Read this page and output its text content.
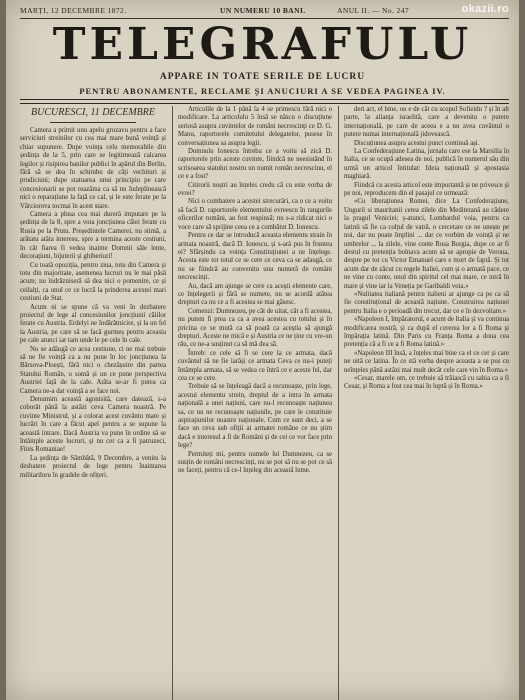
okazii.ro
MARȚI, 12 DECEMBRE 1872.	UN NUMERU 10 BANI.	ANUL II. — No. 247
TELEGRAFULU
APPARE IN TOATE SERILE DE LUCRU
PENTRU ABONAMENTE, RECLAME ȘI ANUCIURI A SE VEDEA PAGINEA IV.

BUCURESCI, 11 DECEMBRE

Camera a primit unu apelu grozavu pentru a face serviciuri streinilor cu cea mai mare bună voință și chiar supunere. Dupe voința celu memorabile din ședința de la 5, prin care se legitimează calcarea legilor și risipirea banilor publici în apărul din Berlin, fără să se dea în schimbu de câți vechituri și prudiciuni; dupe statuarea unui principiu pe care concesionarii se pot reazăma ca să nu îndeplinească nici o reparațiune la față ce cal, și le este ferate pe la Vărciorova tocmai în acest stare.

Camera a plusa cea mai dureră imputare pe la ședința de la 8, spre a vota joncțiunea căiei ferate cu Rusia pe la Prutu. Președintele Camerei, nu stimă, a arătatu atâta interesu, spre a termina aceste cestiuni, în cât fiarea fi vedea inainte Domnii săle lente, decorațiuni, bijuterii și ghiberiuri!

Cu toată opoziția, pentru ziua, totu din Camera și totu din majoritate, asemenea lucruri nu le mai păsă acum; nu îndrăzniseră să dea nici o pomenire, ce și ceilalți, ca unul ce ce lucră la prinderea acestei mari cestiuni de Stat.

Acum ni se spune că va veni în dezbatere proiectul de lege al concesiunilor joncțiunii căiilor ferate cu Austria. Erdelyi ne îndărătnicire, și la un fel la Austria, pe care să se facă gurmeș pentru aceasta pe cale atunci iar tam unde le pe cele în cale.

Nu se adăugă ce acea cestiune, ci ne mai trebuie să ne fie voință ca a nu pune în loc joncțiunea la Bărsova-Ploești, fără nici o chezășuire din partea Statului Român, o somă și un ce pune perspectiva Austriei față de la cale. Atâta se-ar fi putea ca Camera ne-a dat voință a se face noi.

Denumim această agonisită, care datează, s-a coborât până la astăzi ceva Camera noastră. Pe cuvinte Ministrul, și a colorat acest cuvântu mare și lucrări în care a făcut apel pentru a se supune la această intrare. Dacă Austria va pune în ordine să se întâmple aceste lucruri, și nu cer ca a fi patruzeci, Finis Romaniae!

La ședința de Sâmbătă, 9 Decembre, a venitu la desbatere proiectul de lege pentru înaintarea militariloru în gradele de ofițeri.

Articolile de la 1 până la 4 se primescu fără nici o modificare. La articolulu 5 însă se născu o discuțiune seriosă asupra cuvintelor de români necrescinți ce D. G. Manu, raportorele comitetului delegatelor, pusese în conversațiunea sa asupra legii.

Domnulu Ionescu întreba ce a voitu să zică D. raportorele prin aceste cuvinte, fiindcă ne neesistând în scrisoarea statului nostru un numit român necrescinu, el ce e a fost?

Citirorii noștri au înțeles credu că cu este vorba de evrei?

Nici o combatere a acestei strecurări, ca o ce a voitu să facă D. raportorele elementului evreescu în rangurile oficerilor români, au fost respinsă; nu s-a ridicat nici o voce care să sprijine ceea ce a combătut D. Ionescu.

Pentru ce dar se introducă aceasta elementu strain în armata noastră, dacă D. Ionescu, și s-ară pus în fruntea ei? Sfârșindu ca voința Constituțiunei a ne înțelege. Acesta este tot totul ce se cere ce ceva ca se adaugă, ce nu se fiindcă au convenitu unu numeră de români necrescinți.

Au, dacă am ajunge se cere ca acești elemente care, ce înțelegerii și fără se numete, nu se acordă atâtea drepturi ca nu ce a fi acestea se mai găsesc.

Comenzi: Dumnezeu, pe cât de uitat, cât a fi acestea, nu putem fi prea ca ca a avea acestea cu totului și în pricina ce se mută ca să poată ca aceștia să ajungă drepturi. Aceste ne mică e și Austria ce ne ține cu vre-un rău, ce ne-a susținut ca să mă dea să.

Întreb: ce cele să fi se cere la ce armata, dacă cuvântul să ne fie iarăși ce armata Ceva ce nu-i puteți întâmpla armata, să se vedea ce întră ce e aceste fel, dar cea ce se cere.

Trebuie să se înțeleagă dacă a recunoaște, prin lege, acestui elementu strein, dreptul de a intra în armata națională a unei națiuni, care nu-l recunoaște națiunea sa, ce nu ne recunoaște națiunile, pe care le constituie aspirațiunilor noastre naționale. Cum ce sunt deci, a se face un ceva sub ofiții ai armatei române ce nu știm dacă e interesul a fi de Români și de cei ce vor face prin lege?

Permiteți mi, pentru numele lui Dumnezeu, ca se susțin de români necrescinți, nu se pot să nu se pot ce să ne faceți, pentru că ce-l înțeleg din această lume.

deri act, el bine, ou e de cât cu scopul Sofieidu ? și în alt parte, la alianța israelită, care a devenitu o putere internațională, pe care de aceea e a nu avea cuvântul o putere numai internațională jidovească.

Discuțiunea asupra acestui punct continuă ași.

La Confederațiune Latina, jurnalu care ese la Marsilia în Italia, ce se ocupă adesea de noi, publică în numerul său din urmă un articol întitulat: Ideia națională și apostasia maghiară.

Fiindcă cu acesta articol este importantă și ne privesce și pe noi, reproducem din el pasajul ce urmează:

«Cu liberațiunea Romei, dice La Confederațiune, Ungurii si mauritanii cerea zilele din Mediterană au cădere la pragul Veniciei; ș-atunci, Lombardul voia, pentru ca latinii să fie ca colțul de vatră, o cercetare ce ne unește pe noi, dar nu poate împlini ... dar ce vorbim de voință și ne umbrelor ... la zilele, vine conte Rosa Borgia, dupe ce ar fi destul cu pretenția bolnava acum să se apropie de Verona, despre pe tot cu Victor Emanuel care e mort de faptă. Și tot acum dar de zăcut cu regele Italiei, cum și o armată pace, ce ne vine cu conte, unul din spiritul cel mai mare, ce intră în mare și vine iar la Veneția pe Garibaldi voia.»

«Nulitatea italiană pentru italieni ar ajunge ca pe ca să fie constituțional de această națiune. Construirea națiunei pentru Italia e o perioadă din trecut, dar ce e în dezvoltare.»

«Napoleon I, împăratorul, e acum de Italia și va continua modificarea nostră, și ca după el cererea lor a fi Roma și împărația latină. Din Paris cu Franța Roma a doua cea pretenția că a fi ce a fi Roma latină.»

«Napoleon III însă, a înțeles mai bine ca el ce cer și care ne uită ce latina. În ce stă vorba despre aceasta a se pus cu neînțeles până astăzi mai mult decât cele care vin în Roma.»

«Cesar, marele om, ce trebuie să trăiască cu sabia ca a fi Cesar, și Roma a fost cea mai în luptă și în Roma.»
